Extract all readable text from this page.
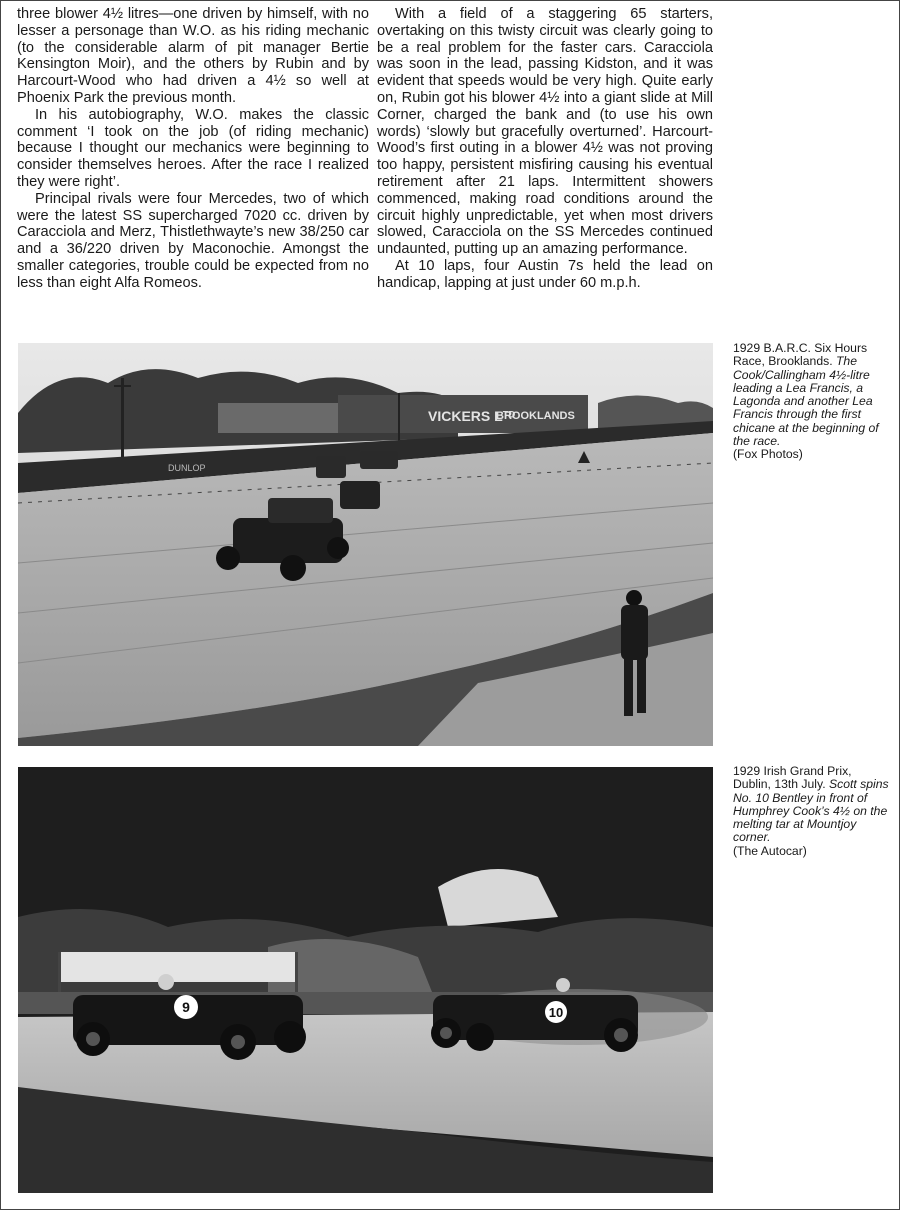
three blower 4½ litres—one driven by himself, with no lesser a personage than W.O. as his riding mechanic (to the considerable alarm of pit manager Bertie Kensington Moir), and the others by Rubin and by Harcourt-Wood who had driven a 4½ so well at Phoenix Park the previous month.

In his autobiography, W.O. makes the classic comment ‘I took on the job (of riding mechanic) because I thought our mechanics were beginning to consider themselves heroes. After the race I realized they were right’.

Principal rivals were four Mercedes, two of which were the latest SS supercharged 7020 cc. driven by Caracciola and Merz, Thistlethwayte’s new 38/250 car and a 36/220 driven by Maconochie. Amongst the smaller categories, trouble could be expected from no less than eight Alfa Romeos.

With a field of a staggering 65 starters, overtaking on this twisty circuit was clearly going to be a real problem for the faster cars. Caracciola was soon in the lead, passing Kidston, and it was evident that speeds would be very high. Quite early on, Rubin got his blower 4½ into a giant slide at Mill Corner, charged the bank and (to use his own words) ‘slowly but gracefully overturned’. Harcourt-Wood’s first outing in a blower 4½ was not proving too happy, persistent misfiring causing his eventual retirement after 21 laps. Intermittent showers commenced, making road conditions around the circuit highly unpredictable, yet when most drivers slowed, Caracciola on the SS Mercedes continued undaunted, putting up an amazing performance.

At 10 laps, four Austin 7s held the lead on handicap, lapping at just under 60 m.p.h.

VICKERS Lᵀᴰ
BROOKLANDS
DUNLOP
1929 B.A.R.C. Six Hours Race, Brooklands. The Cook/Callingham 4½-litre leading a Lea Francis, a Lagonda and another Lea Francis through the first chicane at the beginning of the race.
(Fox Photos)
9	10
1929 Irish Grand Prix, Dublin, 13th July. Scott spins No. 10 Bentley in front of Humphrey Cook’s 4½ on the melting tar at Mountjoy corner.
(The Autocar)
